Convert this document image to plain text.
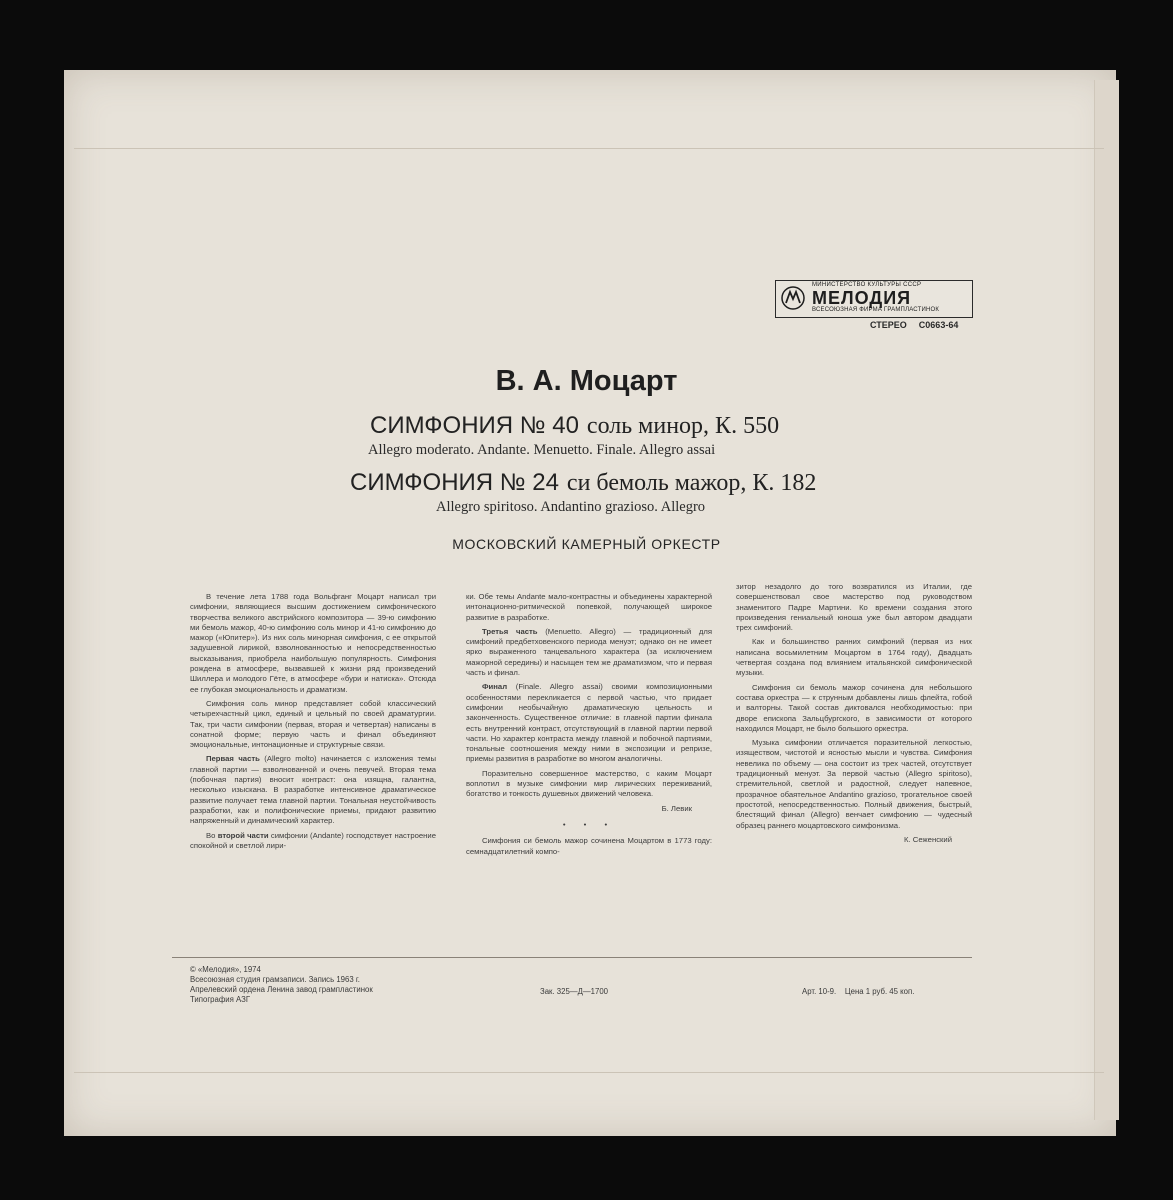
МИНИСТЕРСТВО КУЛЬТУРЫ СССР
МЕЛОДИЯ
ВСЕСОЮЗНАЯ ФИРМА ГРАМПЛАСТИНОК
СТЕРЕО С0663-64
В. А. Моцарт
СИМФОНИЯ № 40 соль минор, К. 550
Allegro moderato. Andante. Menuetto. Finale. Allegro assai
СИМФОНИЯ № 24 си бемоль мажор, К. 182
Allegro spiritoso. Andantino grazioso. Allegro
МОСКОВСКИЙ КАМЕРНЫЙ ОРКЕСТР

В течение лета 1788 года Вольфганг Моцарт написал три симфонии, являющиеся высшим достижением симфонического творчества великого австрийского композитора — 39-ю симфонию ми бемоль мажор, 40-ю симфонию соль минор и 41-ю симфонию до мажор («Юпитер»). Из них соль минорная симфония, с ее открытой задушевной лирикой, взволнованностью и непосредственностью высказывания, приобрела наибольшую популярность. Симфония рождена в атмосфере, вызвавшей к жизни ряд произведений Шиллера и молодого Гёте, в атмосфере «бури и натиска». Отсюда ее глубокая эмоциональность и драматизм.

Симфония соль минор представляет собой классический четырехчастный цикл, единый и цельный по своей драматургии. Так, три части симфонии (первая, вторая и четвертая) написаны в сонатной форме; первую часть и финал объединяют эмоциональные, интонационные и структурные связи.

Первая часть (Allegro molto) начинается с изложения темы главной партии — взволнованной и очень певучей. Вторая тема (побочная партия) вносит контраст: она изящна, галантна, несколько изыскана. В разработке интенсивное драматическое развитие получает тема главной партии. Тональная неустойчивость разработки, как и полифонические приемы, придают развитию напряженный и динамический характер.

Во второй части симфонии (Andante) господствует настроение спокойной и светлой лири-

ки. Обе темы Andante мало-контрастны и объединены характерной интонационно-ритмической попевкой, получающей широкое развитие в разработке.

Третья часть (Menuetto. Allegro) — традиционный для симфоний предбетховенского периода менуэт; однако он не имеет ярко выраженного танцевального характера (за исключением мажорной середины) и насыщен тем же драматизмом, что и первая часть и финал.

Финал (Finale. Allegro assai) своими композиционными особенностями перекликается с первой частью, что придает симфонии необычайную драматическую цельность и законченность. Существенное отличие: в главной партии финала есть внутренний контраст, отсутствующий в главной партии первой части. Но характер контраста между главной и побочной партиями, тональные соотношения между ними в экспозиции и репризе, приемы развития в разработке во многом аналогичны.

Поразительно совершенное мастерство, с каким Моцарт воплотил в музыке симфонии мир лирических переживаний, богатство и тонкость душевных движений человека.

Б. Левик
• • •

Симфония си бемоль мажор сочинена Моцартом в 1773 году: семнадцатилетний компо-

зитор незадолго до того возвратился из Италии, где совершенствовал свое мастерство под руководством знаменитого Падре Мартини. Ко времени создания этого произведения гениальный юноша уже был автором двадцати трех симфоний.

Как и большинство ранних симфоний (первая из них написана восьмилетним Моцартом в 1764 году), Двадцать четвертая создана под влиянием итальянской симфонической музыки.

Симфония си бемоль мажор сочинена для небольшого состава оркестра — к струнным добавлены лишь флейта, гобой и валторны. Такой состав диктовался необходимостью: при дворе епископа Зальцбургского, в зависимости от которого находился Моцарт, не было большого оркестра.

Музыка симфонии отличается поразительной легкостью, изяществом, чистотой и ясностью мысли и чувства. Симфония невелика по объему — она состоит из трех частей, отсутствует традиционный менуэт. За первой частью (Allegro spiritoso), стремительной, светлой и радостной, следует напевное, прозрачное обаятельное Andantino grazioso, трогательное своей простотой, непосредственностью. Полный движения, быстрый, блестящий финал (Allegro) венчает симфонию — чудесный образец раннего моцартовского симфонизма.

К. Сеженский
© «Мелодия», 1974
Всесоюзная студия грамзаписи. Запись 1963 г.
Апрелевский ордена Ленина завод грампластинок
Типография АЗГ
Зак. 325—Д—1700	Арт. 10-9. Цена 1 руб. 45 коп.
